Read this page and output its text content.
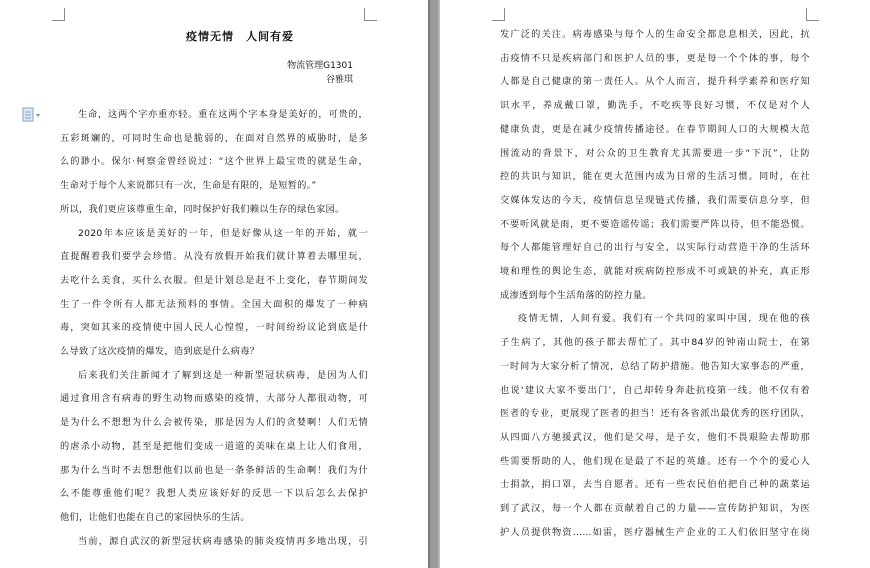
疫情无情　人间有爱
物流管理G1301
谷雅琪
生命，这两个字亦重亦轻。重在这两个字本身是美好的，可贵的，
五彩斑斓的，可同时生命也是脆弱的，在面对自然界的威胁时，是多
么的渺小。保尔·柯察金曾经说过：“这个世界上最宝贵的就是生命，
生命对于每个人来说都只有一次，生命是有限的，是短暂的。”
所以，我们更应该尊重生命，同时保护好我们赖以生存的绿色家园。
2020年本应该是美好的一年，但是好像从这一年的开始，就一
直提醒着我们要学会珍惜。从没有放假开始我们就计算着去哪里玩，
去吃什么美食，买什么衣服。但是计划总是赶不上变化，春节期间发
生了一件令所有人都无法预料的事情。全国大面积的爆发了一种病
毒，突如其来的疫情使中国人民人心惶惶，一时间纷纷议论到底是什
么导致了这次疫情的爆发，造到底是什么病毒？
后来我们关注新闻才了解到这是一种新型冠状病毒，是因为人们
通过食用含有病毒的野生动物而感染的疫情，大部分人都很动物，可
是为什么不想想为什么会被传染，那是因为人们的贪婪啊！人们无情
的虐杀小动物，甚至是把他们变成一道道的美味在桌上让人们食用，
那为什么当时不去想想他们以前也是一条条鲜活的生命啊！我们为什
么不能尊重他们呢？我想人类应该好好的反思一下以后怎么去保护
他们，让他们也能在自己的家园快乐的生活。
当前，源自武汉的新型冠状病毒感染的肺炎疫情再多地出现，引
发广泛的关注。病毒感染与每个人的生命安全都息息相关，因此，抗
击疫情不只是疾病部门和医护人员的事，更是每一个个体的事，每个
人都是自己健康的第一责任人。从个人而言，提升科学素养和医疗知
识水平，养成戴口罩，勤洗手，不吃疾等良好习惯，不仅是对个人
健康负责，更是在减少疫情传播途径。在春节期间人口的大规模大范
围流动的背景下，对公众的卫生教育尤其需要进一步“下沉”，让防
控的共识与知识，能在更大范围内成为日常的生活习惯。同时，在社
交媒体发达的今天，疫情信息呈现链式传播，我们需要信息分享，但
不要听风就是雨，更不要造谣传谣；我们需要严阵以待，但不能恐慌。
每个人都能管理好自己的出行与安全，以实际行动营造干净的生活环
境和理性的舆论生态，就能对疾病防控形成不可或缺的补充，真正形
成渗透到每个生活角落的防控力量。
疫情无情，人间有爱。我们有一个共同的家叫中国，现在他的孩
子生病了，其他的孩子都去帮忙了。其中84岁的钟南山院士，在第
一时间为大家分析了情况，总结了防护措施。他告知大家事态的严重，
也说‘建议大家不要出门’，自己却转身奔赴抗疫第一线。他不仅有着
医者的专业，更展现了医者的担当！还有各省派出最优秀的医疗团队，
从四面八方驰援武汉，他们是父母，是子女，他们不畏艰险去帮助那
些需要帮助的人，他们现在是最了不起的英雄。还有一个个的爱心人
士捐款，捐口罩，去当自愿者。还有一些农民伯伯把自己种的蔬菜运
到了武汉，每一个人都在贡献着自己的力量——宣传防护知识，为医
护人员提供物资……如雷，医疗器械生产企业的工人们依旧坚守在岗
